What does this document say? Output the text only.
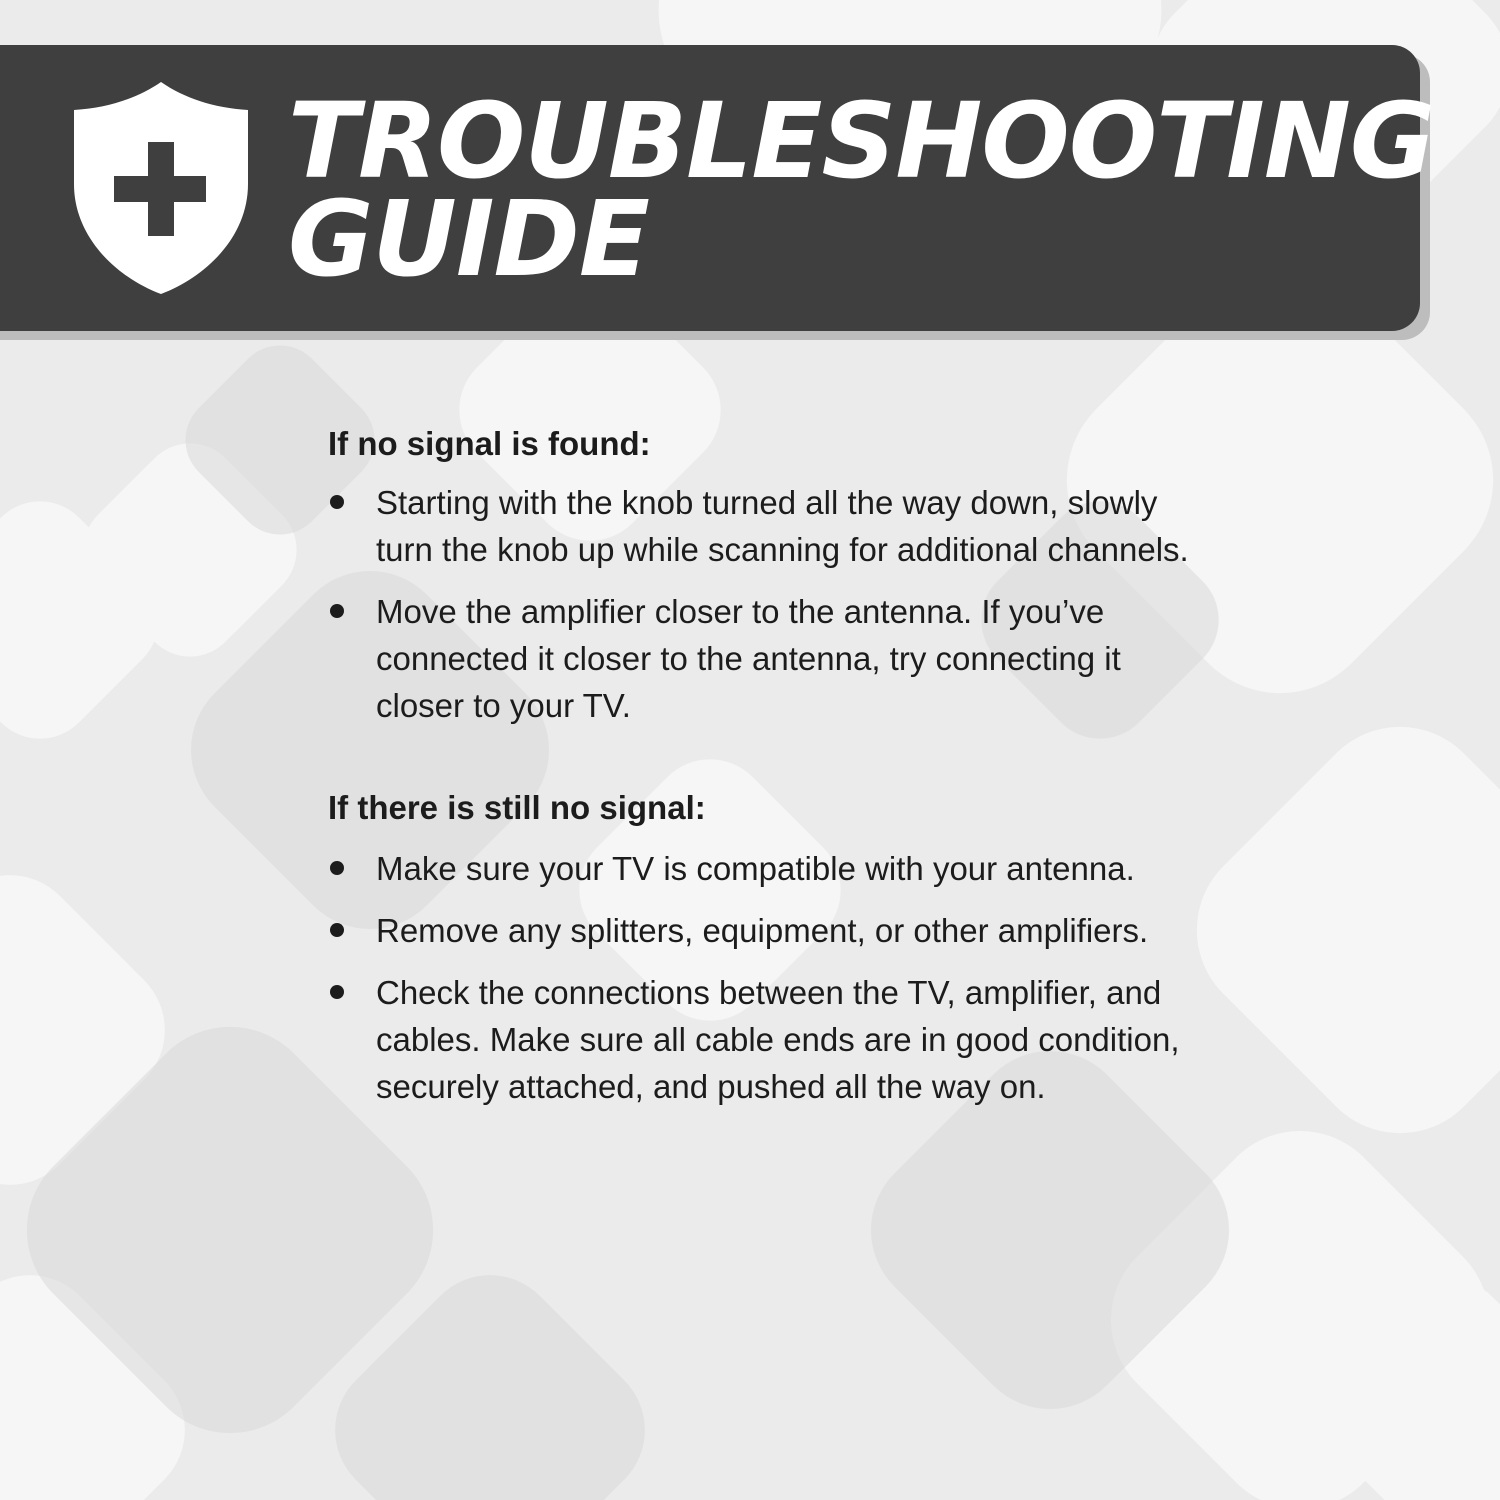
TROUBLESHOOTING
GUIDE
If no signal is found:
Starting with the knob turned all the way down, slowly turn the knob up while scanning for additional channels.
Move the amplifier closer to the antenna. If you’ve connected it closer to the antenna, try connecting it closer to your TV.
If there is still no signal:
Make sure your TV is compatible with your antenna.
Remove any splitters, equipment, or other amplifiers.
Check the connections between the TV, amplifier, and cables. Make sure all cable ends are in good condition, securely attached, and pushed all the way on.
